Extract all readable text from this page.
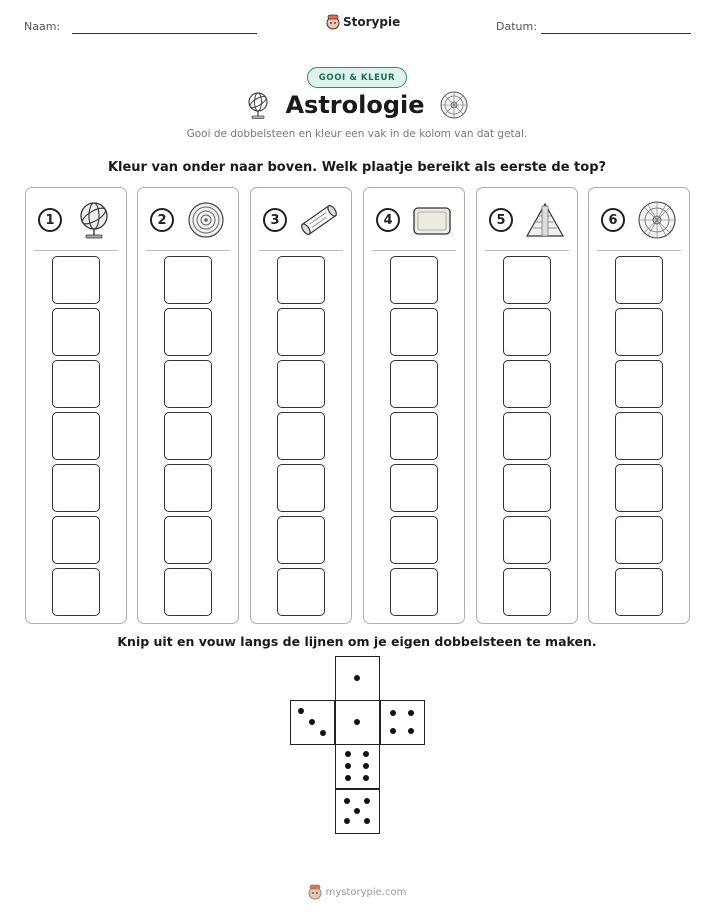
Naam:	Storypie	Datum:
GOOI & KLEUR
Astrologie
Gooi de dobbelsteen en kleur een vak in de kolom van dat getal.
Kleur van onder naar boven. Welk plaatje bereikt als eerste de top?
1	2	3	4	5	6
Knip uit en vouw langs de lijnen om je eigen dobbelsteen te maken.
mystorypie.com
